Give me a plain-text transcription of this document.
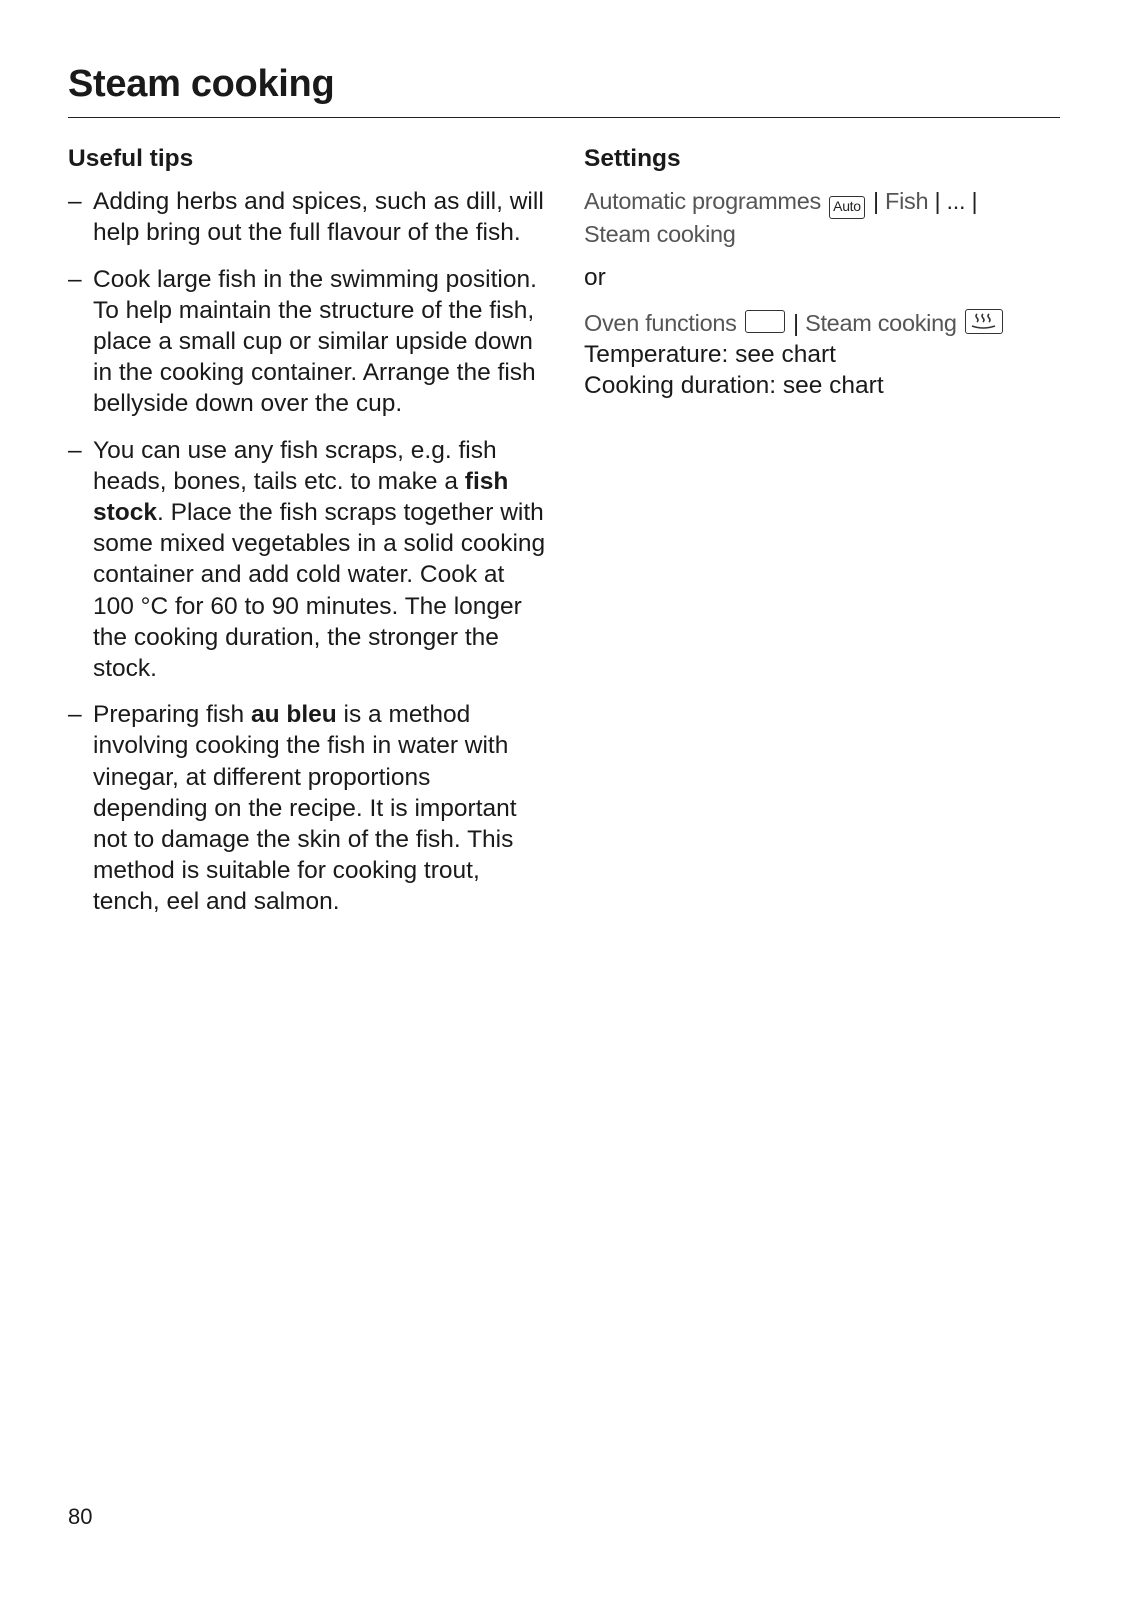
Steam cooking
Useful tips
– Adding herbs and spices, such as dill, will help bring out the full flavour of the fish.
– Cook large fish in the swimming position. To help maintain the structure of the fish, place a small cup or similar upside down in the cooking container. Arrange the fish bellyside down over the cup.
– You can use any fish scraps, e.g. fish heads, bones, tails etc. to make a fish stock. Place the fish scraps together with some mixed vegetables in a solid cooking container and add cold water. Cook at 100 °C for 60 to 90 minutes. The longer the cooking duration, the stronger the stock.
– Preparing fish au bleu is a method involving cooking the fish in water with vinegar, at different proportions depending on the recipe. It is important not to damage the skin of the fish. This method is suitable for cooking trout, tench, eel and salmon.
Settings
Automatic programmes Auto | Fish | ... |
Steam cooking
or
Oven functions | Steam cooking

Temperature: see chart

Cooking duration: see chart

80
